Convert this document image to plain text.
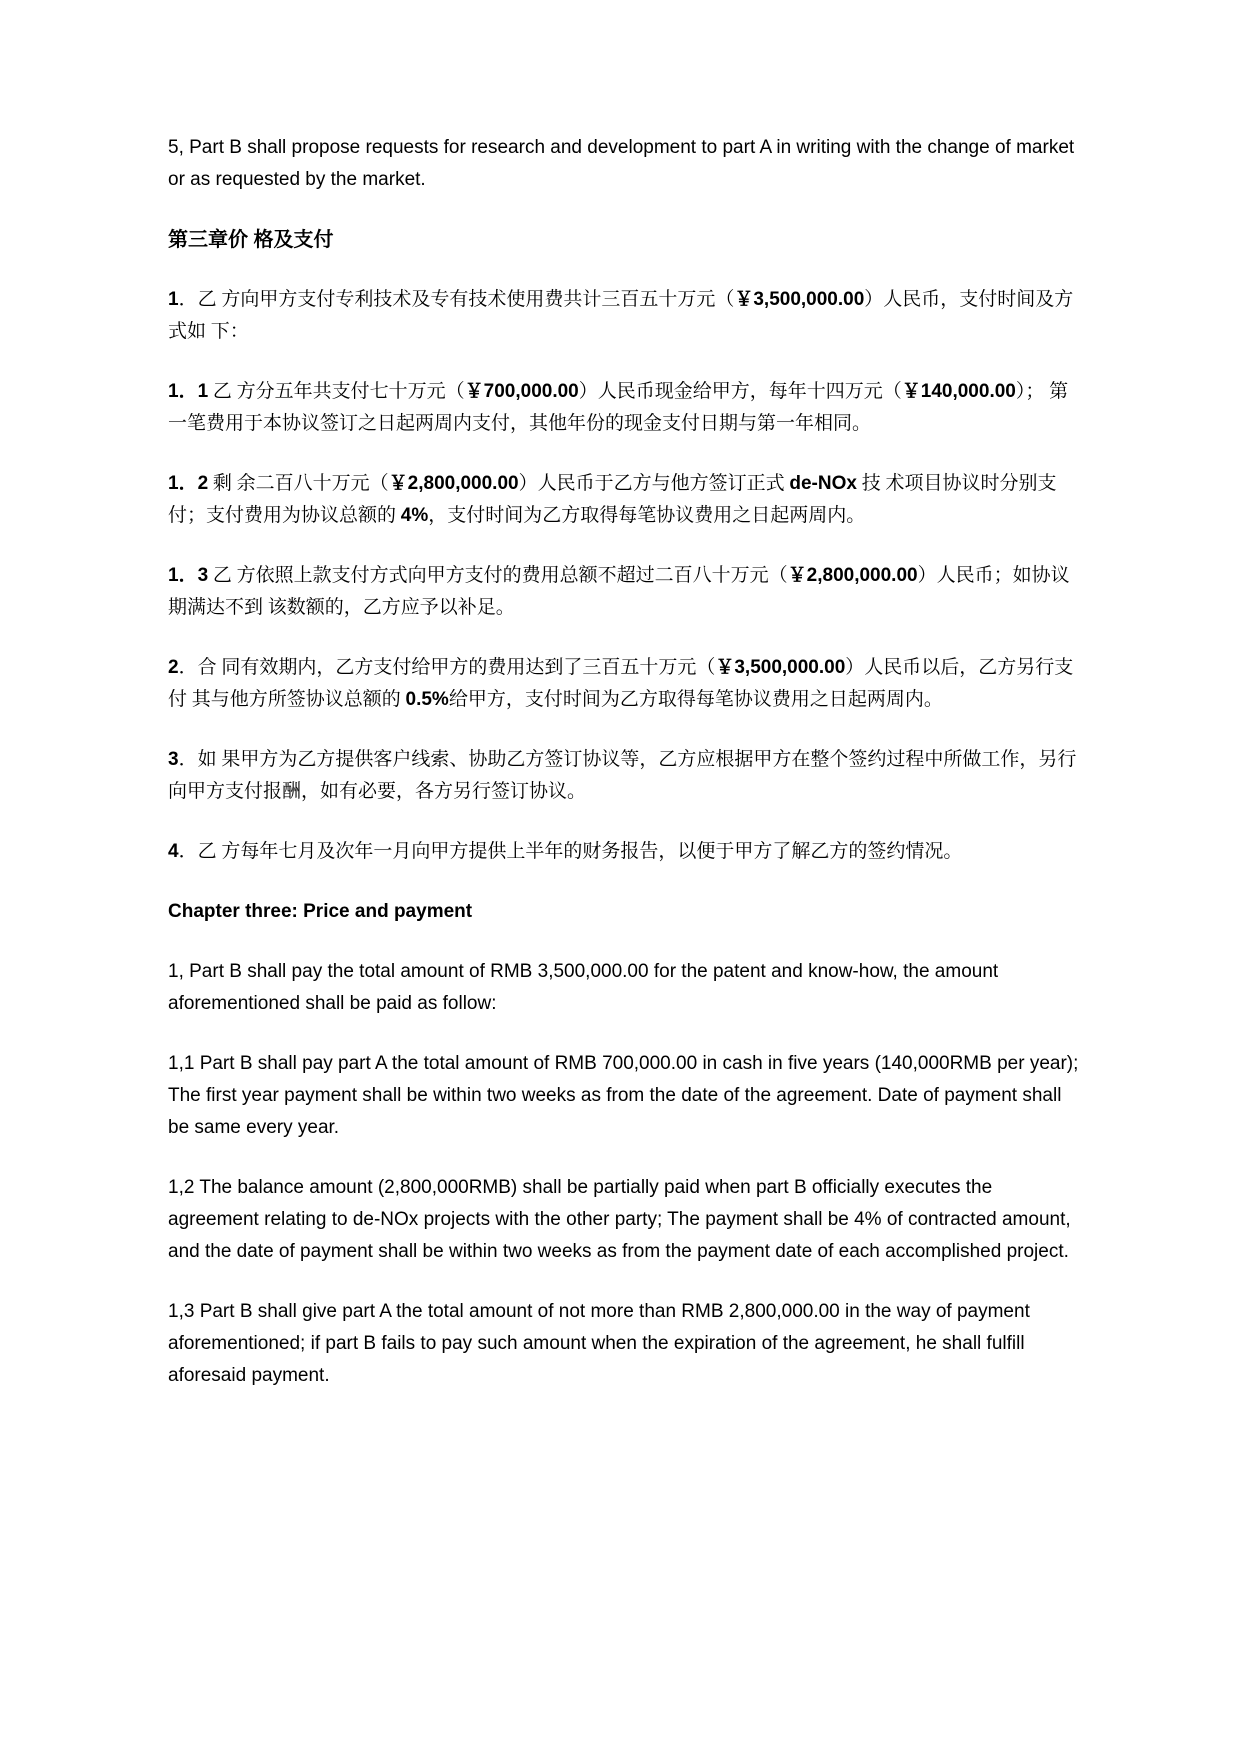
5, Part B shall propose requests for research and development to part A in writing with the change of market or as requested by the market.

第三章价 格及支付

1．乙 方向甲方支付专利技术及专有技术使用费共计三百五十万元（￥3,500,000.00）人民币，支付时间及方式如 下：

1．1 乙 方分五年共支付七十万元（￥700,000.00）人民币现金给甲方，每年十四万元（￥140,000.00）； 第一笔费用于本协议签订之日起两周内支付，其他年份的现金支付日期与第一年相同。

1．2 剩 余二百八十万元（￥2,800,000.00）人民币于乙方与他方签订正式 de-NOx 技 术项目协议时分别支付；支付费用为协议总额的 4%，支付时间为乙方取得每笔协议费用之日起两周内。

1．3 乙 方依照上款支付方式向甲方支付的费用总额不超过二百八十万元（￥2,800,000.00）人民币；如协议期满达不到 该数额的，乙方应予以补足。

2．合 同有效期内，乙方支付给甲方的费用达到了三百五十万元（￥3,500,000.00）人民币以后，乙方另行支付 其与他方所签协议总额的 0.5%给甲方，支付时间为乙方取得每笔协议费用之日起两周内。

3．如 果甲方为乙方提供客户线索、协助乙方签订协议等，乙方应根据甲方在整个签约过程中所做工作，另行向甲方支付报酬，如有必要，各方另行签订协议。

4．乙 方每年七月及次年一月向甲方提供上半年的财务报告，以便于甲方了解乙方的签约情况。

Chapter three: Price and payment

1, Part B shall pay the total amount of RMB 3,500,000.00 for the patent and know-how, the amount aforementioned shall be paid as follow:

1,1 Part B shall pay part A the total amount of RMB 700,000.00 in cash in five years (140,000RMB per year); The first year payment shall be within two weeks as from the date of the agreement. Date of payment shall be same every year.

1,2 The balance amount (2,800,000RMB) shall be partially paid when part B officially executes the agreement relating to de-NOx projects with the other party; The payment shall be 4% of contracted amount, and the date of payment shall be within two weeks as from the payment date of each accomplished project.

1,3 Part B shall give part A the total amount of not more than RMB 2,800,000.00 in the way of payment aforementioned; if part B fails to pay such amount when the expiration of the agreement, he shall fulfill aforesaid payment.
